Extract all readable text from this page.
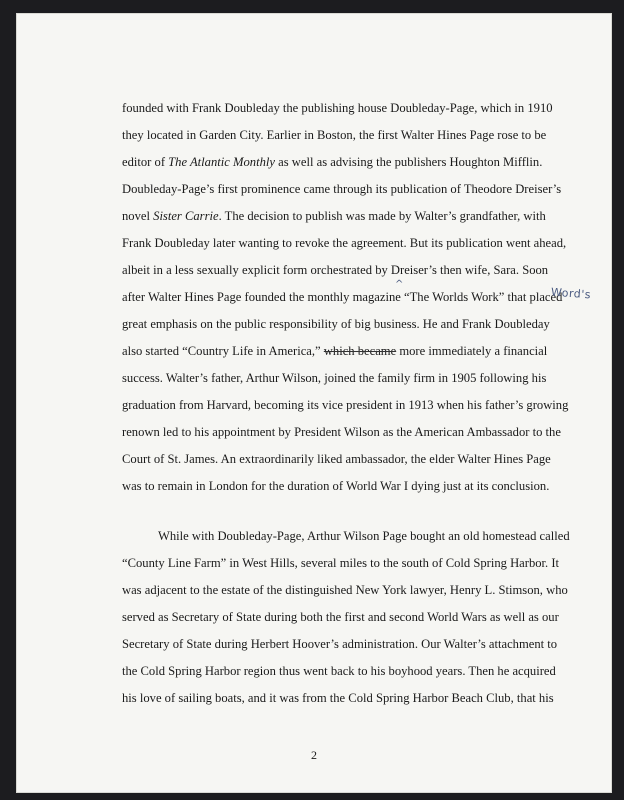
founded with Frank Doubleday the publishing house Doubleday-Page, which in 1910
they located in Garden City. Earlier in Boston, the first Walter Hines Page rose to be
editor of The Atlantic Monthly as well as advising the publishers Houghton Mifflin.
Doubleday-Page’s first prominence came through its publication of Theodore Dreiser’s
novel Sister Carrie. The decision to publish was made by Walter’s grandfather, with
Frank Doubleday later wanting to revoke the agreement. But its publication went ahead,
albeit in a less sexually explicit form orchestrated by Dreiser’s then wife, Sara. Soon
after Walter Hines Page founded the monthly magazine “The Worlds Work” that placed
great emphasis on the public responsibility of big business. He and Frank Doubleday
also started “Country Life in America,” which became more immediately a financial
success. Walter’s father, Arthur Wilson, joined the family firm in 1905 following his
graduation from Harvard, becoming its vice president in 1913 when his father’s growing
renown led to his appointment by President Wilson as the American Ambassador to the
Court of St. James. An extraordinarily liked ambassador, the elder Walter Hines Page
was to remain in London for the duration of World War I dying just at its conclusion.
While with Doubleday-Page, Arthur Wilson Page bought an old homestead called
“County Line Farm” in West Hills, several miles to the south of Cold Spring Harbor. It
was adjacent to the estate of the distinguished New York lawyer, Henry L. Stimson, who
served as Secretary of State during both the first and second World Wars as well as our
Secretary of State during Herbert Hoover’s administration. Our Walter’s attachment to
the Cold Spring Harbor region thus went back to his boyhood years. Then he acquired
his love of sailing boats, and it was from the Cold Spring Harbor Beach Club, that his
^
Word's
2
